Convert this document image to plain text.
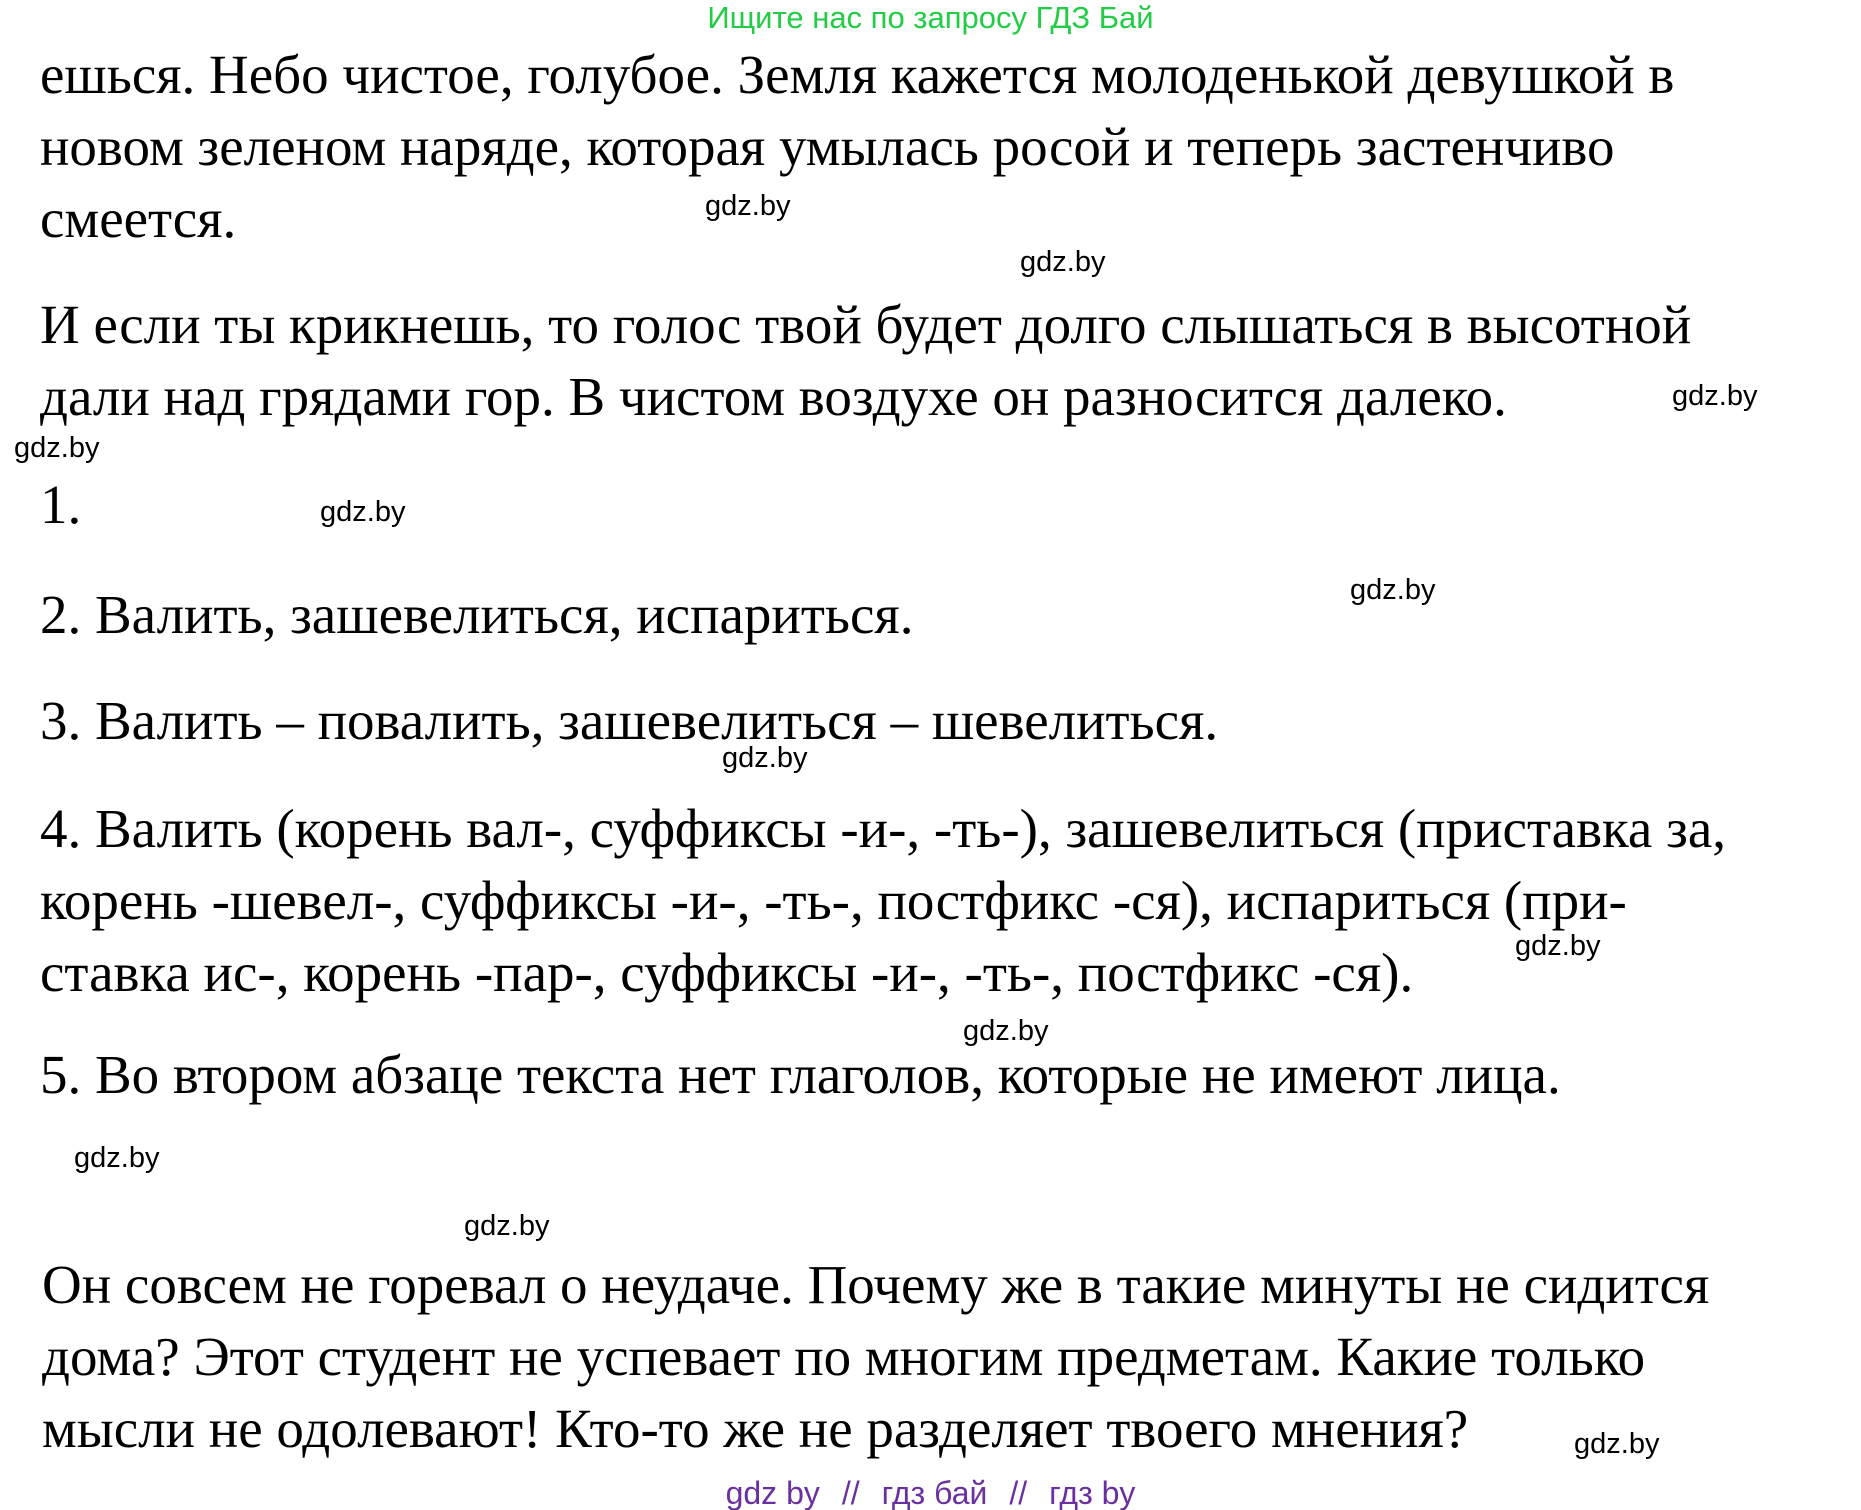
Ищите нас по запросу ГДЗ Бай
ешься. Небо чистое, голубое. Земля кажется молоденькой девушкой в
новом зеленом наряде, которая умылась росой и теперь застенчиво
смеется.
И если ты крикнешь, то голос твой будет долго слышаться в высотной
дали над грядами гор. В чистом воздухе он разносится далеко.
1.
2. Валить, зашевелиться, испариться.
3. Валить – повалить, зашевелиться – шевелиться.
4. Валить (корень вал-, суффиксы -и-, -ть-), зашевелиться (приставка за,
корень -шевел-, суффиксы -и-, -ть-, постфикс -ся), испариться (при-
ставка ис-, корень -пар-, суффиксы -и-, -ть-, постфикс -ся).
5. Во втором абзаце текста нет глаголов, которые не имеют лица.
Он совсем не горевал о неудаче. Почему же в такие минуты не сидится
дома? Этот студент не успевает по многим предметам. Какие только
мысли не одолевают! Кто-то же не разделяет твоего мнения?
gdz.by
gdz.by
gdz.by
gdz.by
gdz.by
gdz.by
gdz.by
gdz.by
gdz.by
gdz.by
gdz.by
gdz.by
gdz by // гдз бай // гдз by
